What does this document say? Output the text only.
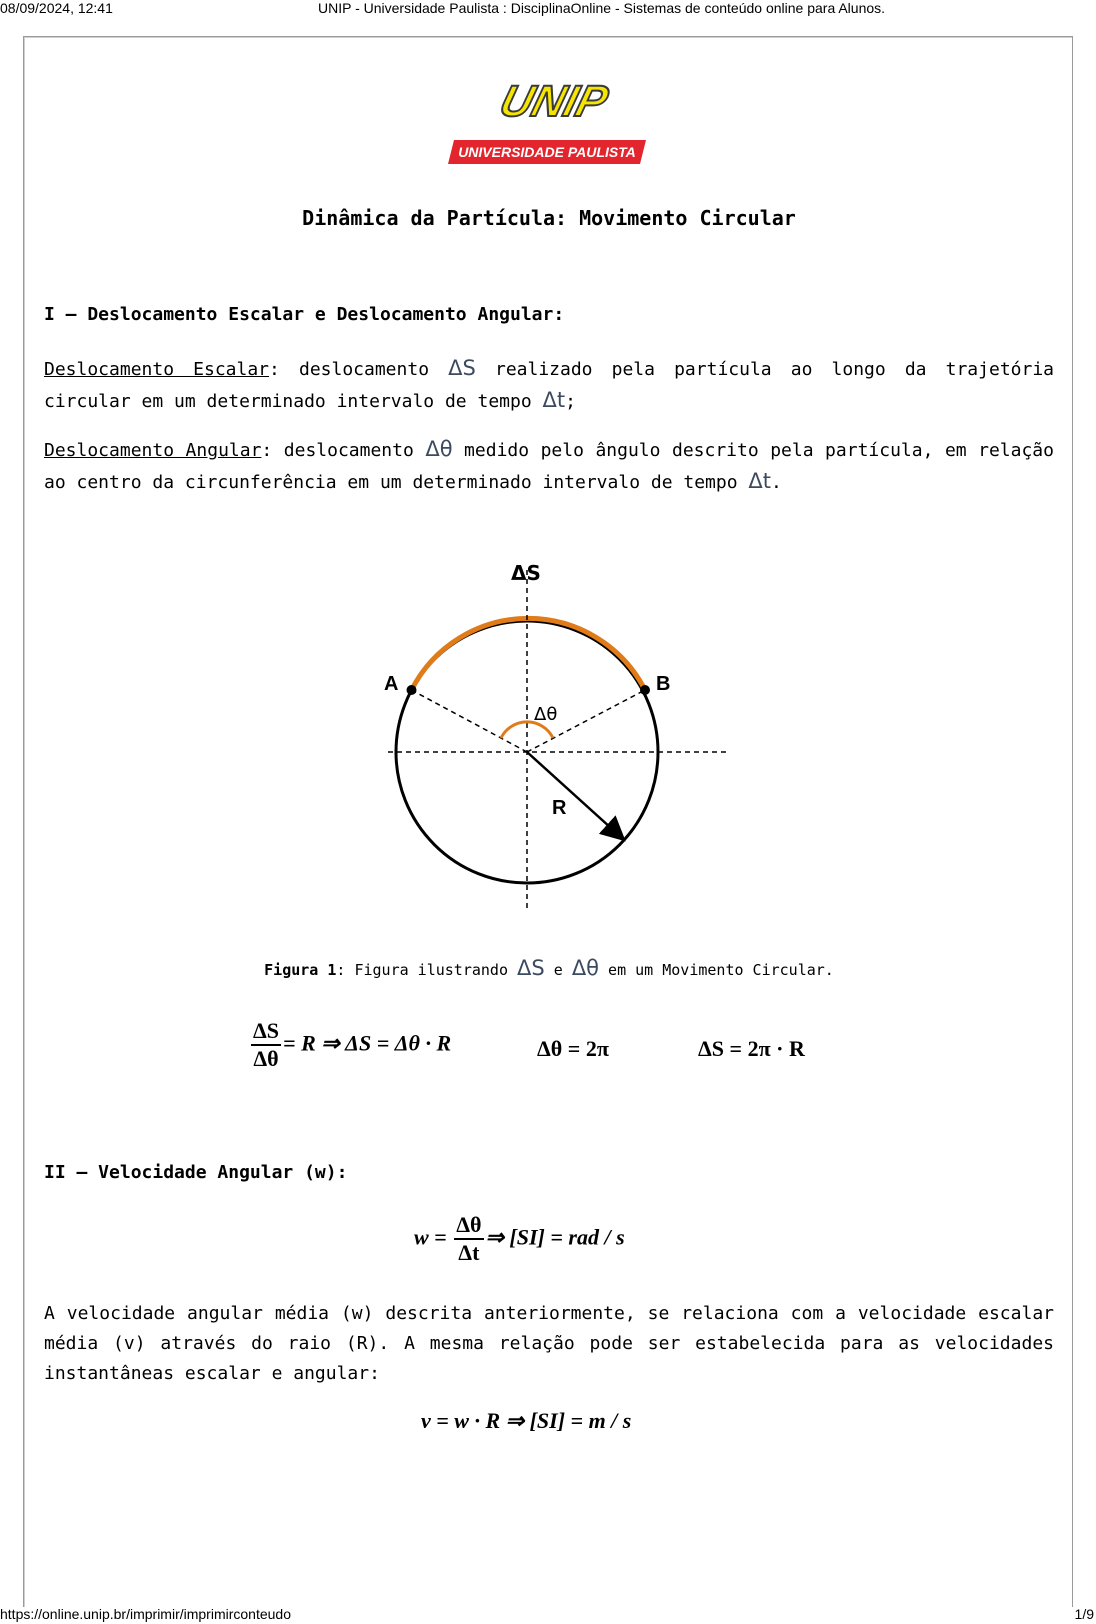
08/09/2024, 12:41	UNIP - Universidade Paulista : DisciplinaOnline - Sistemas de conteúdo online para Alunos.
UNIP
UNIVERSIDADE PAULISTA
Dinâmica da Partícula: Movimento Circular
I – Deslocamento Escalar e Deslocamento Angular:
Deslocamento Escalar: deslocamento ΔS realizado pela partícula ao longo da trajetória circular em um determinado intervalo de tempo Δt;
Deslocamento Angular: deslocamento Δθ medido pelo ângulo descrito pela partícula, em relação ao centro da circunferência em um determinado intervalo de tempo Δt.
ΔS
A	B
Δθ
R
Figura 1: Figura ilustrando ΔS e Δθ em um Movimento Circular.
$\frac{\Delta S}{\Delta\theta} = R$ ⇒ ΔS = Δθ · R	Δθ = 2π	ΔS = 2π · R
II – Velocidade Angular (w):
$w = \frac{\Delta\theta}{\Delta t}$ ⇒ [SI] = rad / s
A velocidade angular média (w) descrita anteriormente, se relaciona com a velocidade escalar média (v) através do raio (R). A mesma relação pode ser estabelecida para as velocidades instantâneas escalar e angular:
v = w · R ⇒ [SI] = m / s
https://online.unip.br/imprimir/imprimirconteudo	1/9
